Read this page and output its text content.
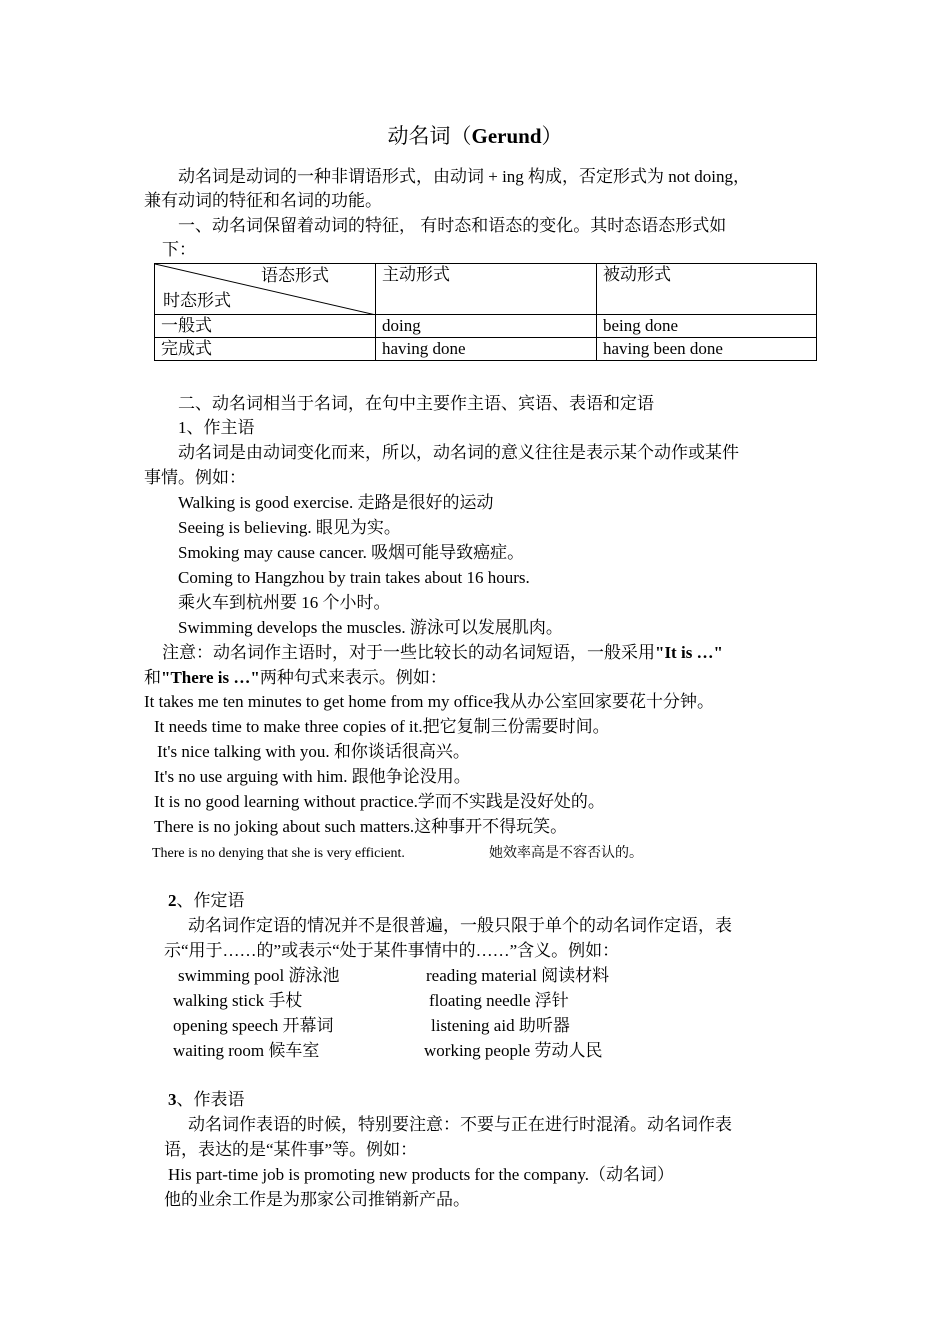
动名词（Gerund）
动名词是动词的一种非谓语形式，由动词 + ing 构成，否定形式为 not doing，
兼有动词的特征和名词的功能。
一、动名词保留着动词的特征， 有时态和语态的变化。其时态语态形式如
下：
语态形式
时态形式	主动形式	被动形式
一般式	doing	being done
完成式	having done	having been done
二、动名词相当于名词，在句中主要作主语、宾语、表语和定语
1、作主语
动名词是由动词变化而来，所以，动名词的意义往往是表示某个动作或某件
事情。例如：
Walking is good exercise. 走路是很好的运动
Seeing is believing. 眼见为实。
Smoking may cause cancer. 吸烟可能导致癌症。
Coming to Hangzhou by train takes about 16 hours.
乘火车到杭州要 16 个小时。
Swimming develops the muscles. 游泳可以发展肌肉。
注意：动名词作主语时，对于一些比较长的动名词短语，一般采用"It is …"
和"There is …"两种句式来表示。例如：
It takes me ten minutes to get home from my office我从办公室回家要花十分钟。
It needs time to make three copies of it.把它复制三份需要时间。
It's nice talking with you. 和你谈话很高兴。
It's no use arguing with him. 跟他争论没用。
It is no good learning without practice.学而不实践是没好处的。
There is no joking about such matters.这种事开不得玩笑。
There is no denying that she is very efficient.	她效率高是不容否认的。
2、作定语
动名词作定语的情况并不是很普遍，一般只限于单个的动名词作定语，表
示“用于……的”或表示“处于某件事情中的……”含义。例如：
swimming pool 游泳池	reading material 阅读材料
walking stick 手杖	floating needle 浮针
opening speech 开幕词	listening aid 助听器
waiting room 候车室	working people 劳动人民
3、作表语
动名词作表语的时候，特别要注意：不要与正在进行时混淆。动名词作表
语，表达的是“某件事”等。例如：
His part-time job is promoting new products for the company.（动名词）
他的业余工作是为那家公司推销新产品。
